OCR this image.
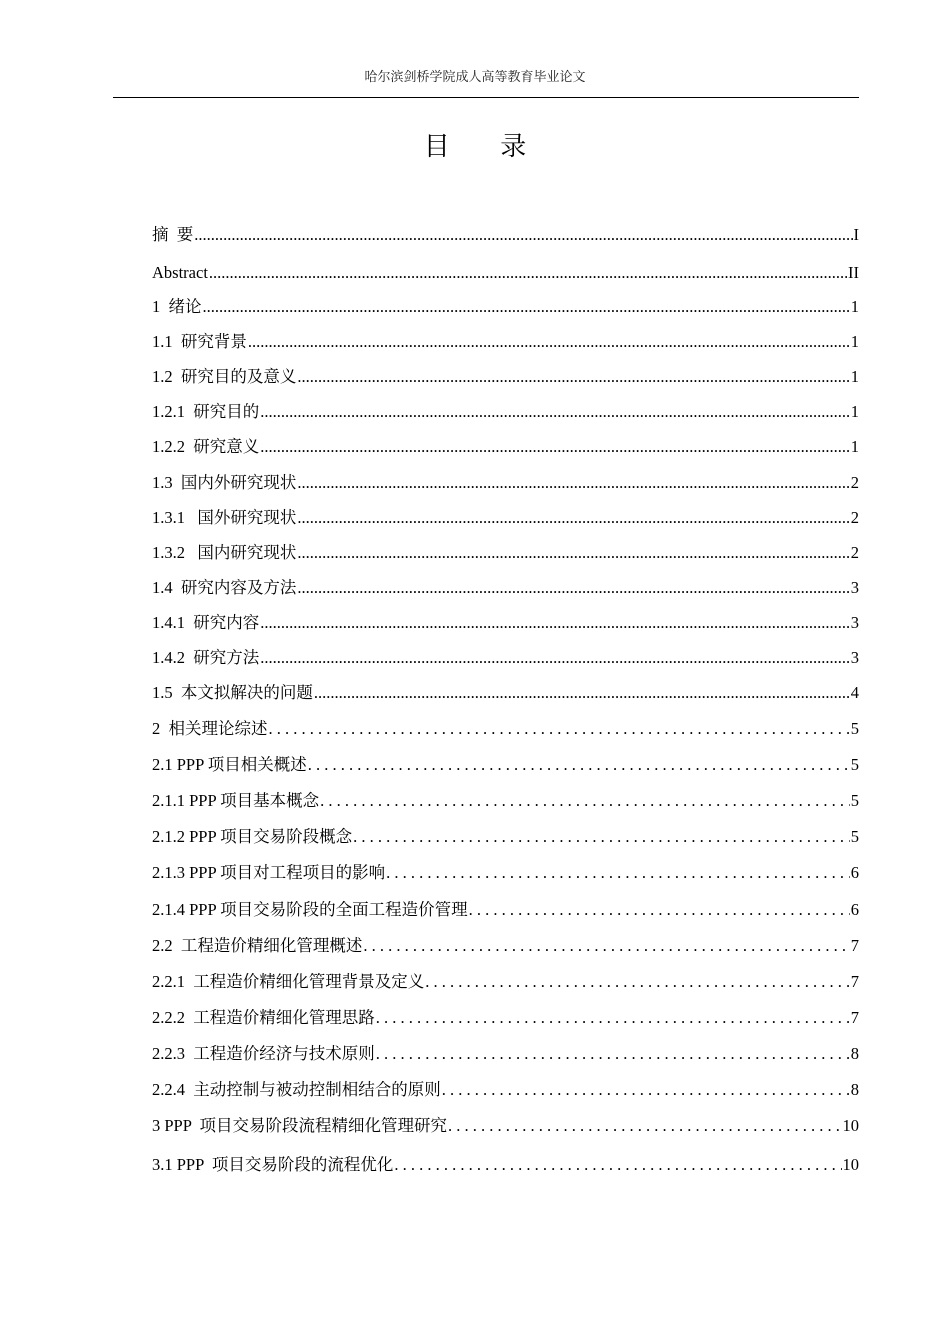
哈尔滨剑桥学院成人高等教育毕业论文
目 录
摘  要 .....	I
Abstract .....	II
1  绪论 .....	1
1.1  研究背景 .....	1
1.2  研究目的及意义 .....	1
1.2.1  研究目的 .....	1
1.2.2  研究意义 .....	1
1.3  国内外研究现状 .....	2
1.3.1   国外研究现状 .....	2
1.3.2   国内研究现状 .....	2
1.4  研究内容及方法 .....	3
1.4.1  研究内容 .....	3
1.4.2  研究方法 .....	3
1.5  本文拟解决的问题 .....	4
2  相关理论综述 . . .	5
2.1 PPP 项目相关概述 . . .	5
2.1.1 PPP 项目基本概念 . . .	5
2.1.2 PPP 项目交易阶段概念 . . .	5
2.1.3 PPP 项目对工程项目的影响 . . .	6
2.1.4 PPP 项目交易阶段的全面工程造价管理 . . .	6
2.2  工程造价精细化管理概述 . . .	7
2.2.1  工程造价精细化管理背景及定义 . . .	7
2.2.2  工程造价精细化管理思路 . . .	7
2.2.3  工程造价经济与技术原则 . . .	8
2.2.4  主动控制与被动控制相结合的原则 . . .	8
3 PPP  项目交易阶段流程精细化管理研究 . . .	10
3.1 PPP  项目交易阶段的流程优化 . . .	10
